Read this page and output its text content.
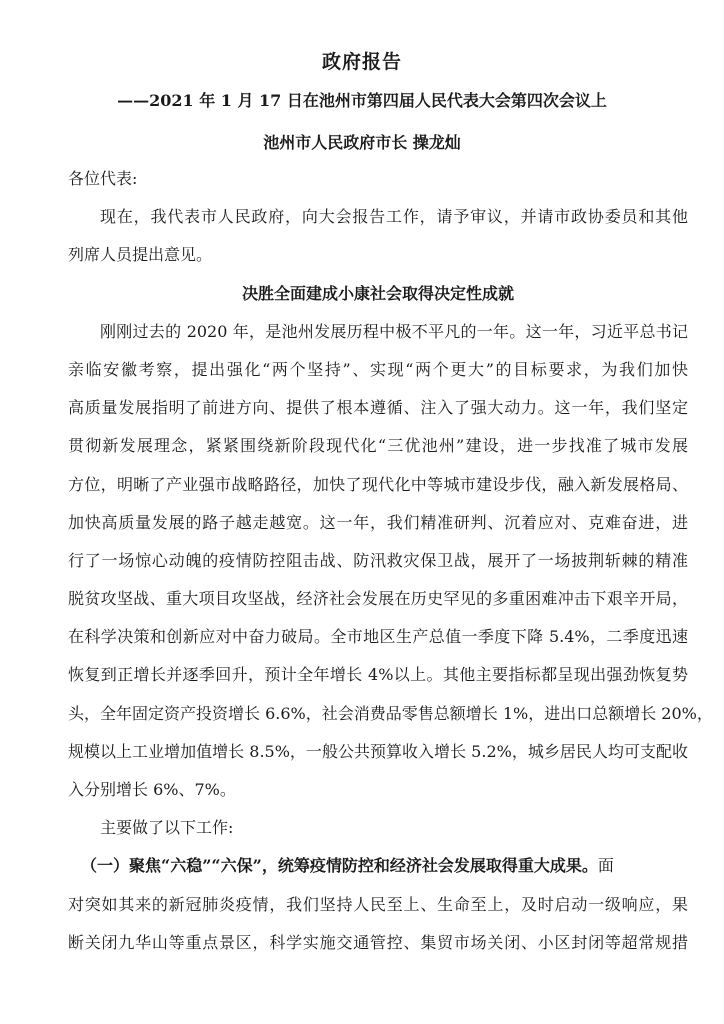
政府报告
——2021 年 1 月 17 日在池州市第四届人民代表大会第四次会议上
池州市人民政府市长 操龙灿
各位代表:
现在，我代表市人民政府，向大会报告工作，请予审议，并请市政协委员和其他
列席人员提出意见。
决胜全面建成小康社会取得决定性成就
刚刚过去的 2020 年，是池州发展历程中极不平凡的一年。这一年，习近平总书记
亲临安徽考察，提出强化“两个坚持”、实现“两个更大”的目标要求，为我们加快
高质量发展指明了前进方向、提供了根本遵循、注入了强大动力。这一年，我们坚定
贯彻新发展理念，紧紧围绕新阶段现代化“三优池州”建设，进一步找准了城市发展
方位，明晰了产业强市战略路径，加快了现代化中等城市建设步伐，融入新发展格局、
加快高质量发展的路子越走越宽。这一年，我们精准研判、沉着应对、克难奋进，进
行了一场惊心动魄的疫情防控阻击战、防汛救灾保卫战，展开了一场披荆斩棘的精准
脱贫攻坚战、重大项目攻坚战，经济社会发展在历史罕见的多重困难冲击下艰辛开局，
在科学决策和创新应对中奋力破局。全市地区生产总值一季度下降 5.4%，二季度迅速
恢复到正增长并逐季回升，预计全年增长 4%以上。其他主要指标都呈现出强劲恢复势
头，全年固定资产投资增长 6.6%，社会消费品零售总额增长 1%，进出口总额增长 20%，
规模以上工业增加值增长 8.5%，一般公共预算收入增长 5.2%，城乡居民人均可支配收
入分别增长 6%、7%。
主要做了以下工作:
（一）聚焦“六稳”“六保”，统筹疫情防控和经济社会发展取得重大成果。面
对突如其来的新冠肺炎疫情，我们坚持人民至上、生命至上，及时启动一级响应，果
断关闭九华山等重点景区，科学实施交通管控、集贸市场关闭、小区封闭等超常规措
